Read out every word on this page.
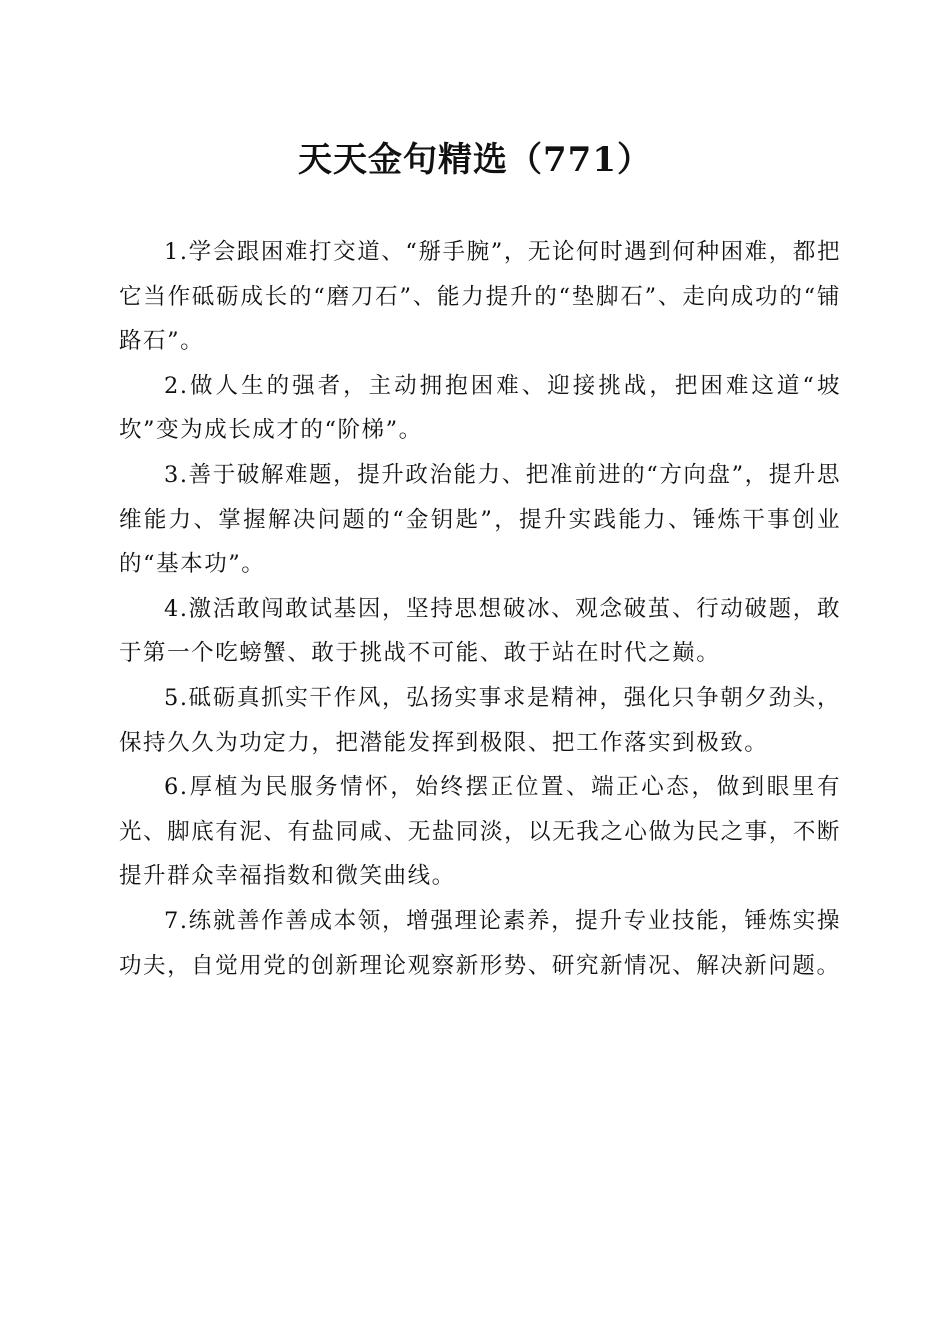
天天金句精选（771）

1.学会跟困难打交道、“掰手腕”，无论何时遇到何种困难，都把它当作砥砺成长的“磨刀石”、能力提升的“垫脚石”、走向成功的“铺路石”。

2.做人生的强者，主动拥抱困难、迎接挑战，把困难这道“坡坎”变为成长成才的“阶梯”。

3.善于破解难题，提升政治能力、把准前进的“方向盘”，提升思维能力、掌握解决问题的“金钥匙”，提升实践能力、锤炼干事创业的“基本功”。

4.激活敢闯敢试基因，坚持思想破冰、观念破茧、行动破题，敢于第一个吃螃蟹、敢于挑战不可能、敢于站在时代之巅。

5.砥砺真抓实干作风，弘扬实事求是精神，强化只争朝夕劲头，保持久久为功定力，把潜能发挥到极限、把工作落实到极致。

6.厚植为民服务情怀，始终摆正位置、端正心态，做到眼里有光、脚底有泥、有盐同咸、无盐同淡，以无我之心做为民之事，不断提升群众幸福指数和微笑曲线。

7.练就善作善成本领，增强理论素养，提升专业技能，锤炼实操功夫，自觉用党的创新理论观察新形势、研究新情况、解决新问题。
